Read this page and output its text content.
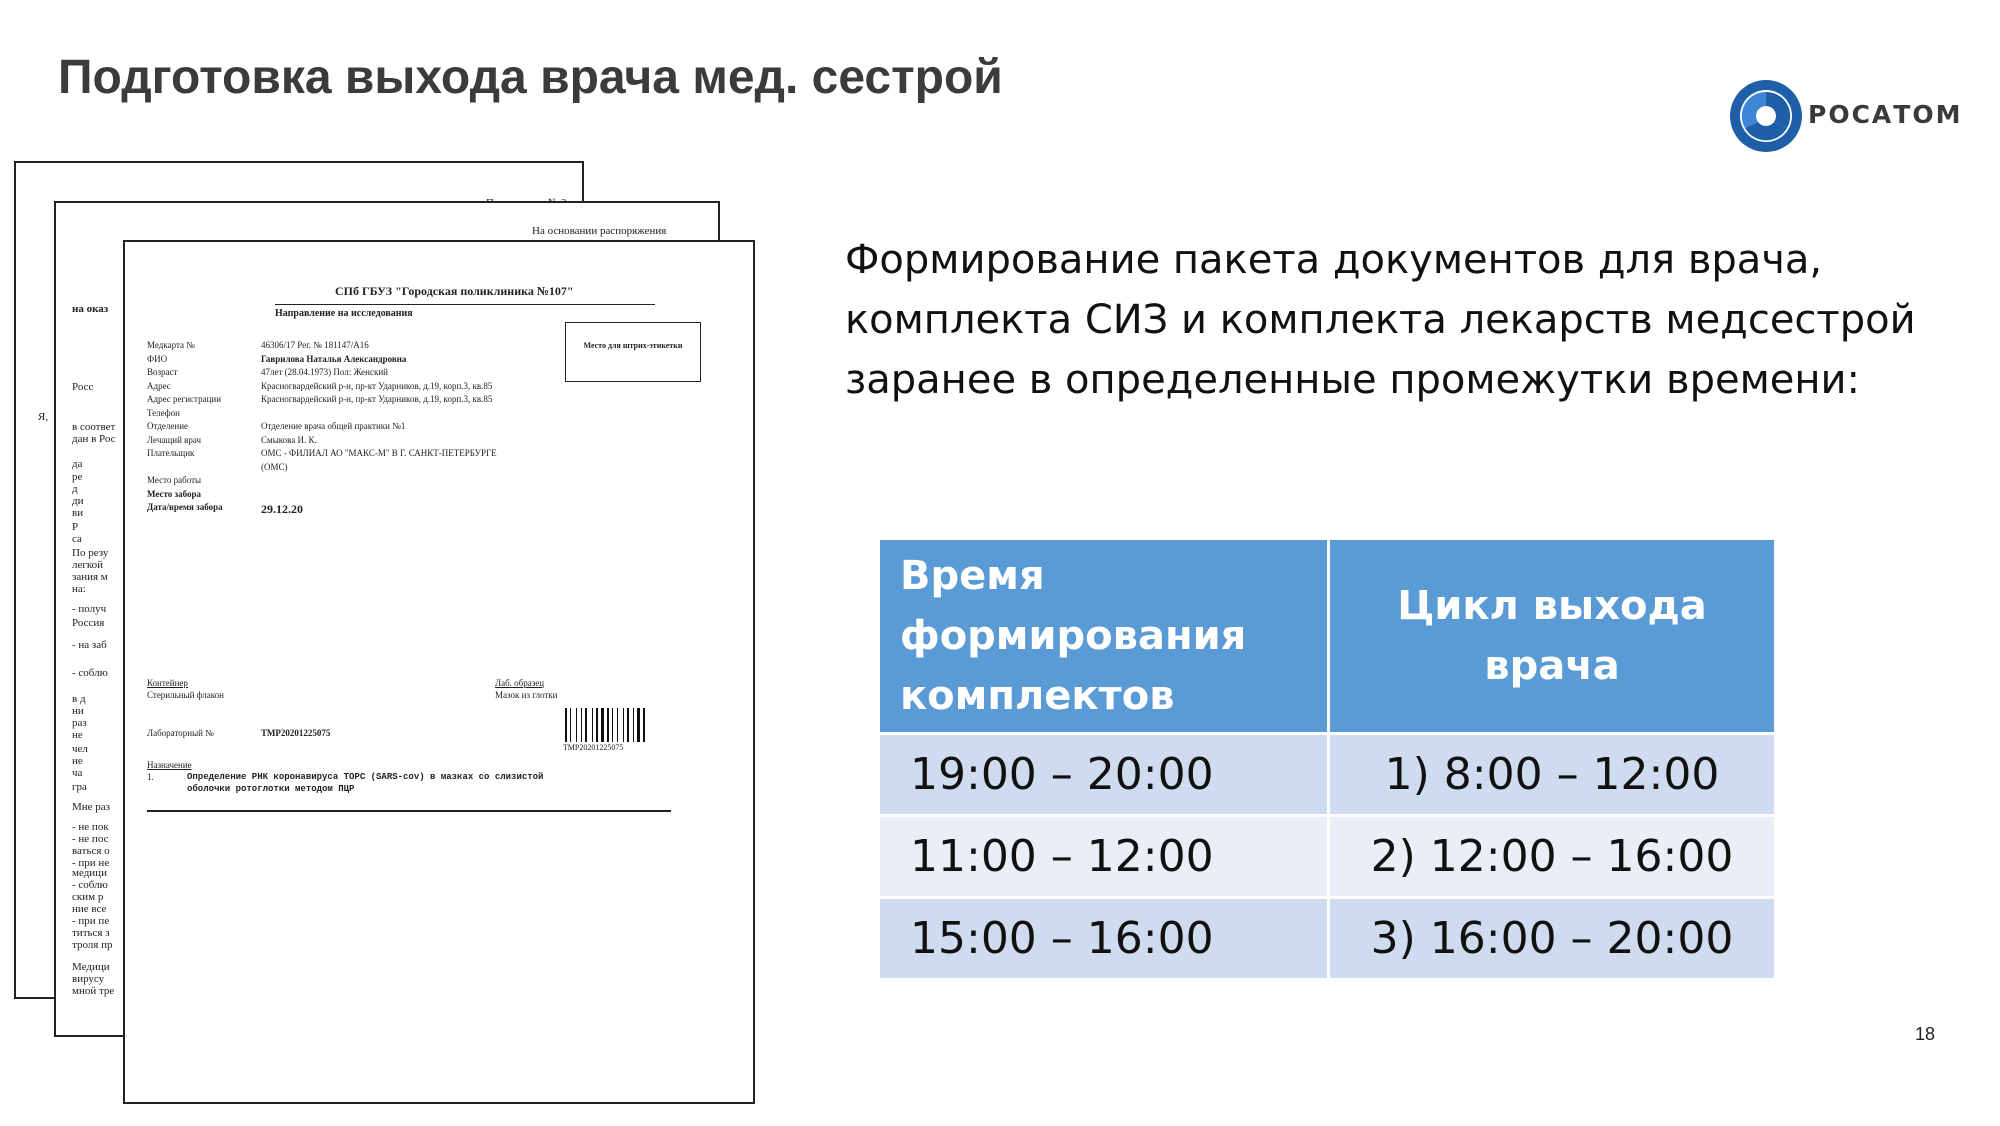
Подготовка выхода врача мед. сестрой
РОСАТОМ
Я,
На основании распоряжения
на оказ
Росс
в соответ
дан в Рос
да
ре
д
ди
ви
Р
са
По резу
легкой
зания м
на:
- получ
Россия
- на заб
- соблю
в д
ни
раз
не
чел
не
ча
гра
Мне раз
- не пок
- не пос
ваться о
- при не
медици
- соблю
ским р
ние все
- при пе
титься з
троля пр
Медици
вирусу
мной тре
СПб ГБУЗ "Городская поликлиника №107"
Направление на исследования
Место для штрих-этикетки
Медкарта №	46306/17 Рег. № 181147/А16
ФИО	Гаврилова Наталья Александровна
Возраст	47лет (28.04.1973) Пол: Женский
Адрес	Красногвардейский р-н, пр-кт Ударников, д.19, корп.3, кв.85
Адрес регистрации	Красногвардейский р-н, пр-кт Ударников, д.19, корп.3, кв.85
Телефон
Отделение	Отделение врача общей практики №1
Лечащий врач	Смыкова И. К.
Плательщик	ОМС - ФИЛИАЛ АО "МАКС-М" В Г. САНКТ-ПЕТЕРБУРГЕ
(ОМС)
Место работы
Место забора
Дата/время забора	29.12.20
Контейнер
Стерильный флакон
Лаб. образец
Мазок из глотки
Лабораторный №	ТМР20201225075
ТМР20201225075
Назначение
1.	Определение РНК коронавируса ТОРС (SARS-cov) в мазках со слизистой
оболочки ротоглотки методом ПЦР
Формирование пакета документов для врача, комплекта СИЗ и комплекта лекарств медсестрой заранее в определенные промежутки времени:
Время формирования комплектов	Цикл выхода врача
19:00 – 20:00	1) 8:00 – 12:00
11:00 – 12:00	2) 12:00 – 16:00
15:00 – 16:00	3) 16:00 – 20:00
18
